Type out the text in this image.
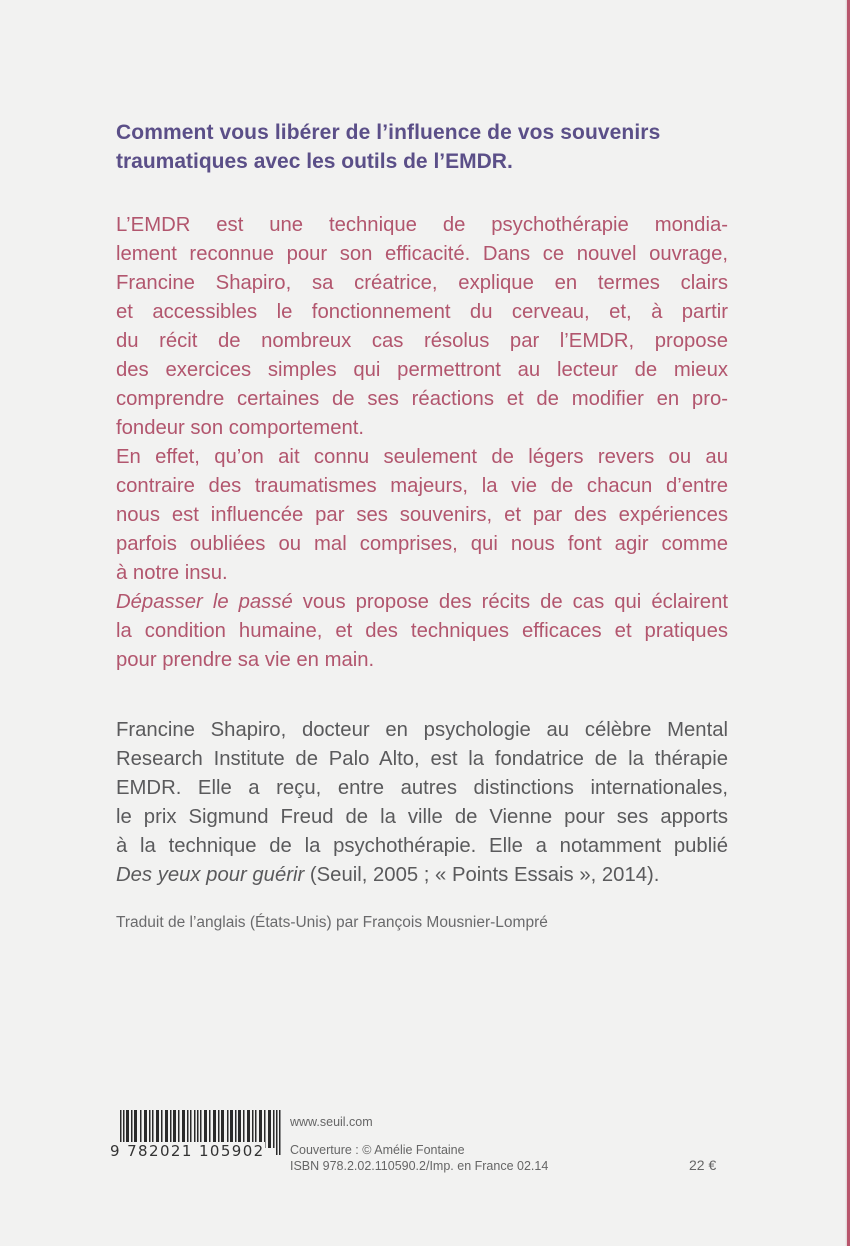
Comment vous libérer de l’influence de vos souvenirs
traumatiques avec les outils de l’EMDR.
L’EMDR est une technique de psychothérapie mondia-
lement reconnue pour son efficacité. Dans ce nouvel ouvrage,
Francine Shapiro, sa créatrice, explique en termes clairs
et accessibles le fonctionnement du cerveau, et, à partir
du récit de nombreux cas résolus par l’EMDR, propose
des exercices simples qui permettront au lecteur de mieux
comprendre certaines de ses réactions et de modifier en pro-
fondeur son comportement.
En effet, qu’on ait connu seulement de légers revers ou au
contraire des traumatismes majeurs, la vie de chacun d’entre
nous est influencée par ses souvenirs, et par des expériences
parfois oubliées ou mal comprises, qui nous font agir comme
à notre insu.
Dépasser le passé vous propose des récits de cas qui éclairent
la condition humaine, et des techniques efficaces et pratiques
pour prendre sa vie en main.
Francine Shapiro, docteur en psychologie au célèbre Mental
Research Institute de Palo Alto, est la fondatrice de la thérapie
EMDR. Elle a reçu, entre autres distinctions internationales,
le prix Sigmund Freud de la ville de Vienne pour ses apports
à la technique de la psychothérapie. Elle a notamment publié
Des yeux pour guérir (Seuil, 2005 ; « Points Essais », 2014).
Traduit de l’anglais (États-Unis) par François Mousnier-Lompré
9 782021 105902
www.seuil.com
Couverture : © Amélie Fontaine
ISBN 978.2.02.110590.2/Imp. en France 02.14	22 €
